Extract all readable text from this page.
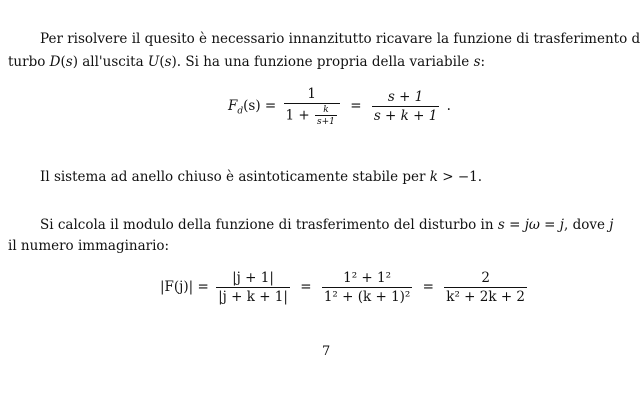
Per risolvere il quesito è necessario innanzitutto ricavare la funzione di trasferimento d
turbo D(s) all'uscita U(s). Si ha una funzione propria della variabile s:
$F_d(s) = \frac{1}{1 + \frac{k}{s+1}} = \frac{s + 1}{s + k + 1}$ .
Il sistema ad anello chiuso è asintoticamente stabile per k > −1.
Si calcola il modulo della funzione di trasferimento del disturbo in s = jω = j, dove j
il numero immaginario:
$|F(j)| = \frac{|j + 1|}{|j + k + 1|} = \frac{\text{1² + 1²}}{\text{1² + (k + 1)²}} = \frac{2}{\text{k² + 2k + 2}}$
7
